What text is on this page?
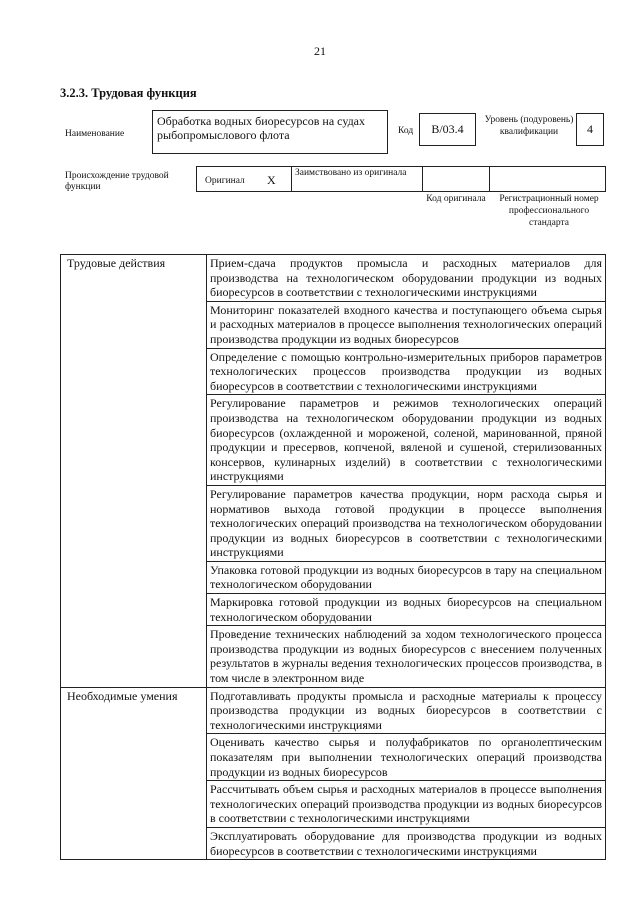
21
3.2.3. Трудовая функция
Наименование
Обработка водных биоресурсов на судах рыбопромыслового флота	Код	B/03.4
Уровень (подуровень) квалификации	4
Происхождение трудовой функции
Оригинал X Заимствовано из оригинала
Код оригинала	Регистрационный номер профессионального стандарта
Трудовые действия	Прием-сдача продуктов промысла и расходных материалов для производства на технологическом оборудовании продукции из водных биоресурсов в соответствии с технологическими инструкциями
	Мониторинг показателей входного качества и поступающего объема сырья и расходных материалов в процессе выполнения технологических операций производства продукции из водных биоресурсов
	Определение с помощью контрольно-измерительных приборов параметров технологических процессов производства продукции из водных биоресурсов в соответствии с технологическими инструкциями
	Регулирование параметров и режимов технологических операций производства на технологическом оборудовании продукции из водных биоресурсов (охлажденной и мороженой, соленой, маринованной, пряной продукции и пресервов, копченой, вяленой и сушеной, стерилизованных консервов, кулинарных изделий) в соответствии с технологическими инструкциями
	Регулирование параметров качества продукции, норм расхода сырья и нормативов выхода готовой продукции в процессе выполнения технологических операций производства на технологическом оборудовании продукции из водных биоресурсов в соответствии с технологическими инструкциями
	Упаковка готовой продукции из водных биоресурсов в тару на специальном технологическом оборудовании
	Маркировка готовой продукции из водных биоресурсов на специальном технологическом оборудовании
	Проведение технических наблюдений за ходом технологического процесса производства продукции из водных биоресурсов с внесением полученных результатов в журналы ведения технологических процессов производства, в том числе в электронном виде
Необходимые умения	Подготавливать продукты промысла и расходные материалы к процессу производства продукции из водных биоресурсов в соответствии с технологическими инструкциями
	Оценивать качество сырья и полуфабрикатов по органолептическим показателям при выполнении технологических операций производства продукции из водных биоресурсов
	Рассчитывать объем сырья и расходных материалов в процессе выполнения технологических операций производства продукции из водных биоресурсов в соответствии с технологическими инструкциями
	Эксплуатировать оборудование для производства продукции из водных биоресурсов в соответствии с технологическими инструкциями
